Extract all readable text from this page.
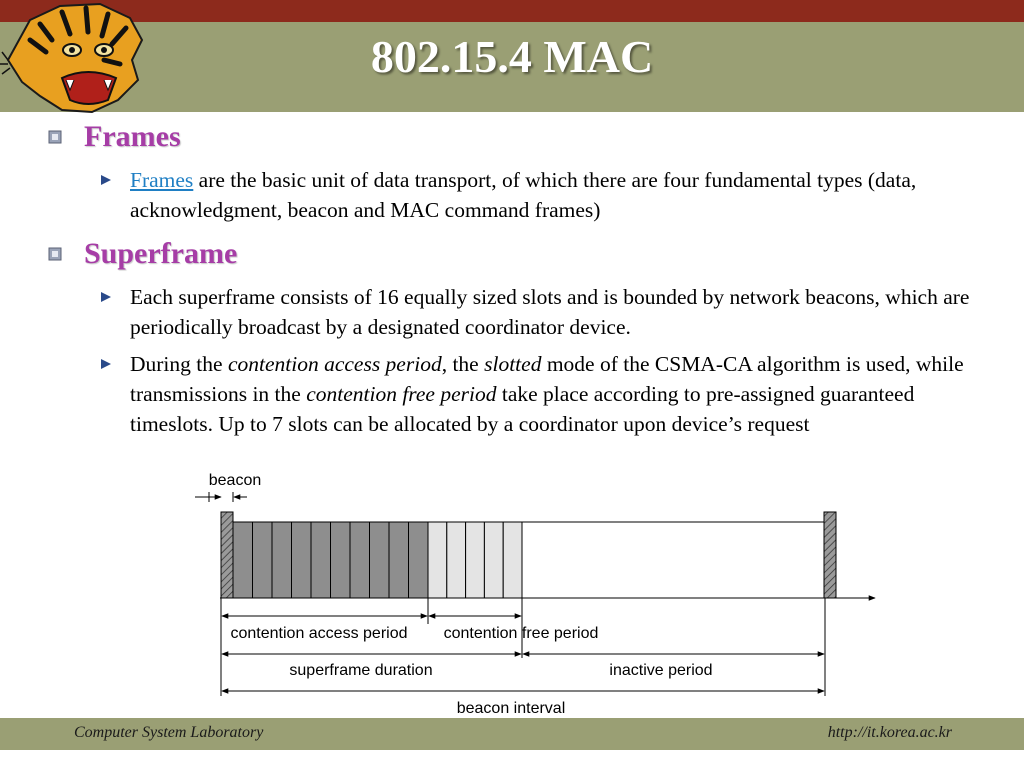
802.15.4 MAC
Frames
Frames are the basic unit of data transport, of which there are four fundamental types (data, acknowledgment, beacon and MAC command frames)
Superframe
Each superframe consists of 16 equally sized slots and is bounded by network beacons, which are periodically broadcast by a designated coordinator device.
During the contention access period, the slotted mode of the CSMA-CA algorithm is used, while transmissions in the contention free period take place according to pre-assigned guaranteed timeslots. Up to 7 slots can be allocated by a coordinator upon device’s request
beacon
contention access period contention free period
superframe duration	inactive period
beacon interval
Computer System Laboratory	http://it.korea.ac.kr
